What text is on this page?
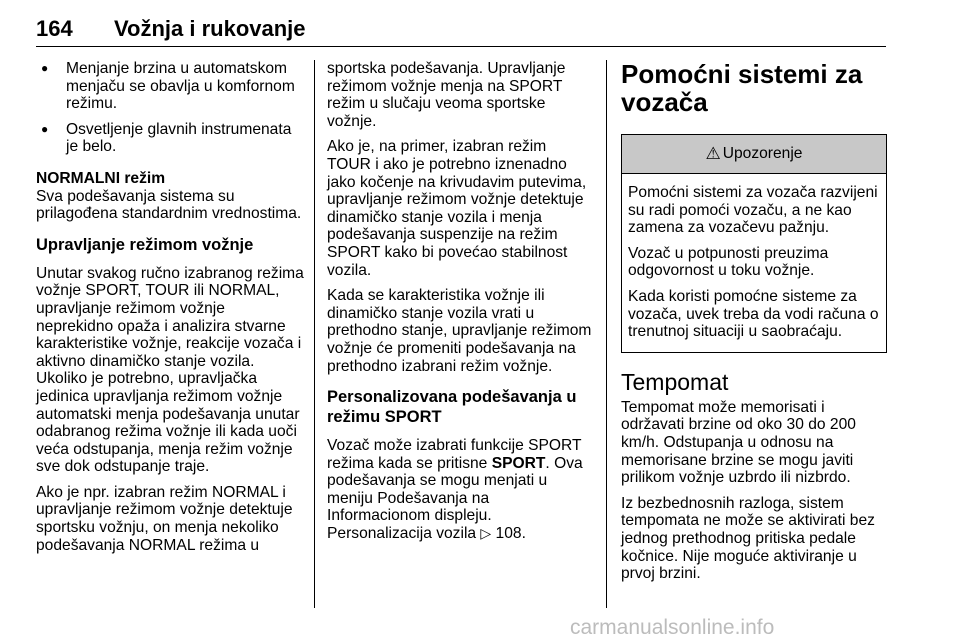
164 Vožnja i rukovanje
● Menjanje brzina u automatskom menjaču se obavlja u komfornom režimu.
● Osvetljenje glavnih instrumenata je belo.
NORMALNI režim

Sva podešavanja sistema su prilagođena standardnim vrednostima.

Upravljanje režimom vožnje

Unutar svakog ručno izabranog režima vožnje SPORT, TOUR ili NORMAL, upravljanje režimom vožnje neprekidno opaža i analizira stvarne karakteristike vožnje, reakcije vozača i aktivno dinamičko stanje vozila. Ukoliko je potrebno, upravljačka jedinica upravljanja režimom vožnje automatski menja podešavanja unutar odabranog režima vožnje ili kada uoči veća odstupanja, menja režim vožnje sve dok odstupanje traje.

Ako je npr. izabran režim NORMAL i upravljanje režimom vožnje detektuje sportsku vožnju, on menja nekoliko podešavanja NORMAL režima u

sportska podešavanja. Upravljanje režimom vožnje menja na SPORT režim u slučaju veoma sportske vožnje.

Ako je, na primer, izabran režim TOUR i ako je potrebno iznenadno jako kočenje na krivudavim putevima, upravljanje režimom vožnje detektuje dinamičko stanje vozila i menja podešavanja suspenzije na režim SPORT kako bi povećao stabilnost vozila.

Kada se karakteristika vožnje ili dinamičko stanje vozila vrati u prethodno stanje, upravljanje režimom vožnje će promeniti podešavanja na prethodno izabrani režim vožnje.

Personalizovana podešavanja u režimu SPORT

Vozač može izabrati funkcije SPORT režima kada se pritisne SPORT. Ova podešavanja se mogu menjati u meniju Podešavanja na Informacionom displeju.

Personalizacija vozila ▷ 108.

Pomoćni sistemi za vozača
⚠ Upozorenje

Pomoćni sistemi za vozača razvijeni su radi pomoći vozaču, a ne kao zamena za vozačevu pažnju.

Vozač u potpunosti preuzima odgovornost u toku vožnje.

Kada koristi pomoćne sisteme za vozača, uvek treba da vodi računa o trenutnoj situaciji u saobraćaju.

Tempomat

Tempomat može memorisati i održavati brzine od oko 30 do 200 km/h. Odstupanja u odnosu na memorisane brzine se mogu javiti prilikom vožnje uzbrdo ili nizbrdo.

Iz bezbednosnih razloga, sistem tempomata ne može se aktivirati bez jednog prethodnog pritiska pedale kočnice. Nije moguće aktiviranje u prvoj brzini.

carmanualsonline.info
